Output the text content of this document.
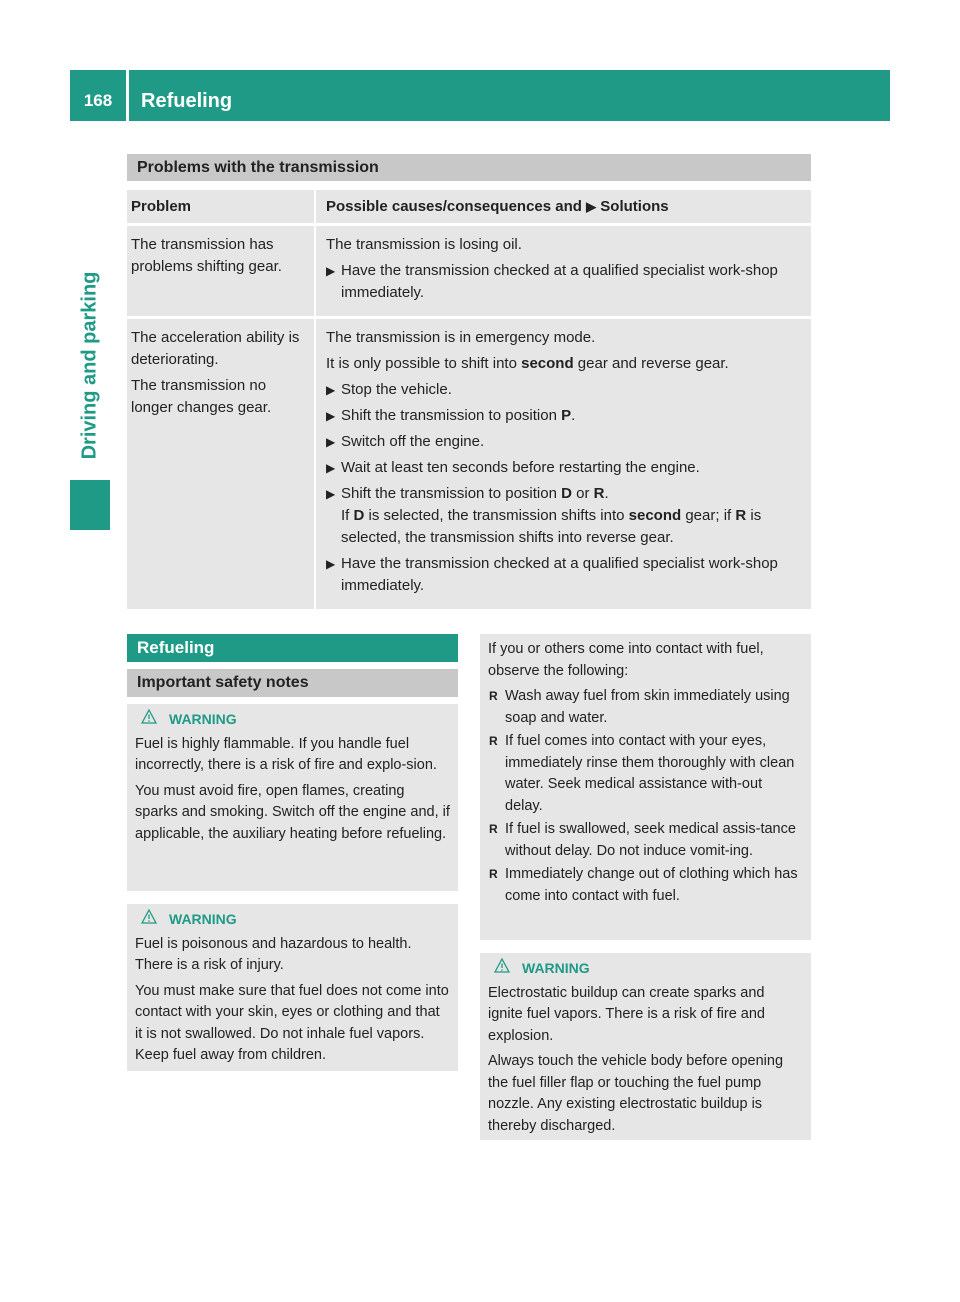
168	Refueling
Driving and parking
Problems with the transmission
Problem	Possible causes/consequences and ▶ Solutions
The transmission has problems shifting gear.
The transmission is losing oil.
▶ Have the transmission checked at a qualified specialist work-shop immediately.
The acceleration ability is deteriorating.
The transmission no longer changes gear.
The transmission is in emergency mode.
It is only possible to shift into second gear and reverse gear.
▶ Stop the vehicle.
▶ Shift the transmission to position P.
▶ Switch off the engine.
▶ Wait at least ten seconds before restarting the engine.
▶ Shift the transmission to position D or R.
If D is selected, the transmission shifts into second gear; if R is selected, the transmission shifts into reverse gear.
▶ Have the transmission checked at a qualified specialist work-shop immediately.
Refueling
Important safety notes
WARNING
Fuel is highly flammable. If you handle fuel incorrectly, there is a risk of fire and explo-sion.
You must avoid fire, open flames, creating sparks and smoking. Switch off the engine and, if applicable, the auxiliary heating before refueling.
WARNING
Fuel is poisonous and hazardous to health. There is a risk of injury.
You must make sure that fuel does not come into contact with your skin, eyes or clothing and that it is not swallowed. Do not inhale fuel vapors. Keep fuel away from children.
If you or others come into contact with fuel, observe the following:
R Wash away fuel from skin immediately using soap and water.
R If fuel comes into contact with your eyes, immediately rinse them thoroughly with clean water. Seek medical assistance with-out delay.
R If fuel is swallowed, seek medical assis-tance without delay. Do not induce vomit-ing.
R Immediately change out of clothing which has come into contact with fuel.
WARNING
Electrostatic buildup can create sparks and ignite fuel vapors. There is a risk of fire and explosion.
Always touch the vehicle body before opening the fuel filler flap or touching the fuel pump nozzle. Any existing electrostatic buildup is thereby discharged.
